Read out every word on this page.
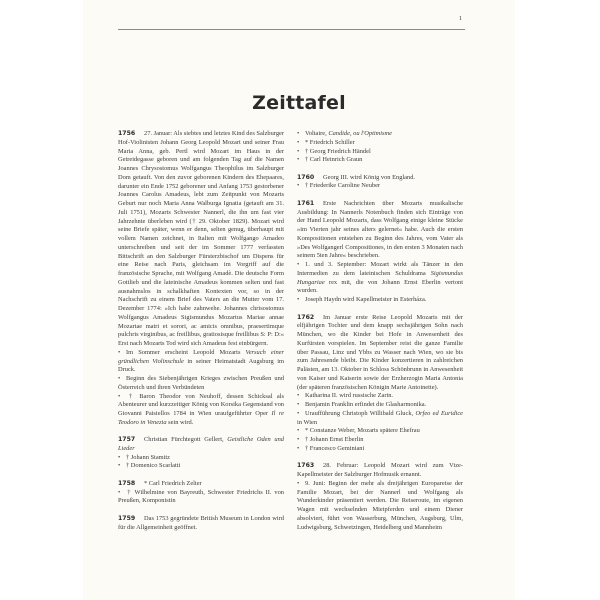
1
Zeittafel
1756 27. Januar: Als siebtes und letztes Kind des Salzburger Hof-Violinisten Johann Georg Leopold Mozart und seiner Frau Maria Anna, geb. Pertl wird Mozart im Haus in der Getreidegasse geboren und am folgenden Tag auf die Namen Joannes Chrysostomus Wolfgangus Theophilus im Salzburger Dom getauft. Von den zuvor geborenen Kindern des Ehepaares, darunter ein Ende 1752 geborener und Anfang 1753 gestorbener Joannes Carolus Amadeus, lebt zum Zeitpunkt von Mozarts Geburt nur noch Maria Anna Walburga Ignatia (getauft am 31. Juli 1751), Mozarts Schwester Nannerl, die ihn um fast vier Jahrzehnte überleben wird († 29. Oktober 1829). Mozart wird seine Briefe später, wenn er denn, selten genug, überhaupt mit vollem Namen zeichnet, in Italien mit Wolfgango Amadeo unterschreiben und seit der im Sommer 1777 verfassten Bittschrift an den Salzburger Fürsterzbischof um Dispens für eine Reise nach Paris, gleichsam im Vorgriff auf die französische Sprache, mit Wolfgang Amadè. Die deutsche Form Gottlieb und die lateinische Amadeus kommen selten und fast ausnahmslos in schalkhaften Kontexten vor, so in der Nachschrift zu einem Brief des Vaters an die Mutter vom 17. Dezember 1774: »Ich habe zahnwehe. Johannes chrisostomus Wolfgangus Amadeus Sigismundus Mozartus Mariae annae Mozartae matri et sorori, ac amicis omnibus, praesertimque pulchris virginibus, ac freillibus, gratiosisque freillibus S: P: D:« Erst nach Mozarts Tod wird sich Amadeus fest einbürgern.
• Im Sommer erscheint Leopold Mozarts Versuch einer gründlichen Violinschule in seiner Heimatstadt Augsburg im Druck.
• Beginn des Siebenjährigen Krieges zwischen Preußen und Österreich und ihren Verbündeten
• † Baron Theodor von Neuhoff, dessen Schicksal als Abenteurer und kurzzeitiger König von Korsika Gegenstand von Giovanni Paisiellos 1784 in Wien uraufgeführter Oper Il re Teodoro in Venezia sein wird.
1757 Christian Fürchtegott Gellert, Geistliche Oden und Lieder
• † Johann Stamitz
• † Domenico Scarlatti
1758 * Carl Friedrich Zelter
• † Wilhelmine von Bayreuth, Schwester Friedrichs II. von Preußen, Komponistin
1759 Das 1753 gegründete British Museum in London wird für die Allgemeinheit geöffnet.
• Voltaire, Candide, ou l'Optimisme
• * Friedrich Schiller
• † Georg Friedrich Händel
• † Carl Heinrich Graun
1760 Georg III. wird König von England.
• † Friederike Caroline Neuber
1761 Erste Nachrichten über Mozarts musikalische Ausbildung: In Nannerls Notenbuch finden sich Einträge von der Hand Leopold Mozarts, dass Wolfgang einige kleine Stücke »im Vierten jahr seines alters gelernet« habe. Auch die ersten Kompositionen entstehen zu Beginn des Jahres, vom Vater als »Des Wolfgangerl Compositiones, in den ersten 3 Monaten nach seinem 5ten Jahre« beschrieben.
• 1. und 3. September: Mozart wirkt als Tänzer in den Intermedien zu dem lateinischen Schuldrama Sigismundus Hungariae rex mit, die von Johann Ernst Eberlin vertont wurden.
• Joseph Haydn wird Kapellmeister in Esterháza.
1762 Im Januar erste Reise Leopold Mozarts mit der elfjährigen Tochter und dem knapp sechsjährigen Sohn nach München, wo die Kinder bei Hofe in Anwesenheit des Kurfürsten vorspielen. Im September reist die ganze Familie über Passau, Linz und Ybbs zu Wasser nach Wien, wo sie bis zum Jahresende bleibt. Die Kinder konzertieren in zahlreichen Palästen, am 13. Oktober in Schloss Schönbrunn in Anwesenheit von Kaiser und Kaiserin sowie der Erzherzogin Maria Antonia (der späteren französischen Königin Marie Antoinette).
• Katharina II. wird russische Zarin.
• Benjamin Franklin erfindet die Glasharmonika.
• Uraufführung Christoph Willibald Gluck, Orfeo ed Euridice in Wien
• * Constanze Weber, Mozarts spätere Ehefrau
• † Johann Ernst Eberlin
• † Francesco Geminiani
1763 28. Februar: Leopold Mozart wird zum Vize-Kapellmeister der Salzburger Hofmusik ernannt.
• 9. Juni: Beginn der mehr als dreijährigen Europareise der Familie Mozart, bei der Nannerl und Wolfgang als Wunderkinder präsentiert werden. Die Reiseroute, im eigenen Wagen mit wechselnden Mietpferden und einem Diener absolviert, führt von Wasserburg, München, Augsburg, Ulm, Ludwigsburg, Schwetzingen, Heidelberg und Mannheim
